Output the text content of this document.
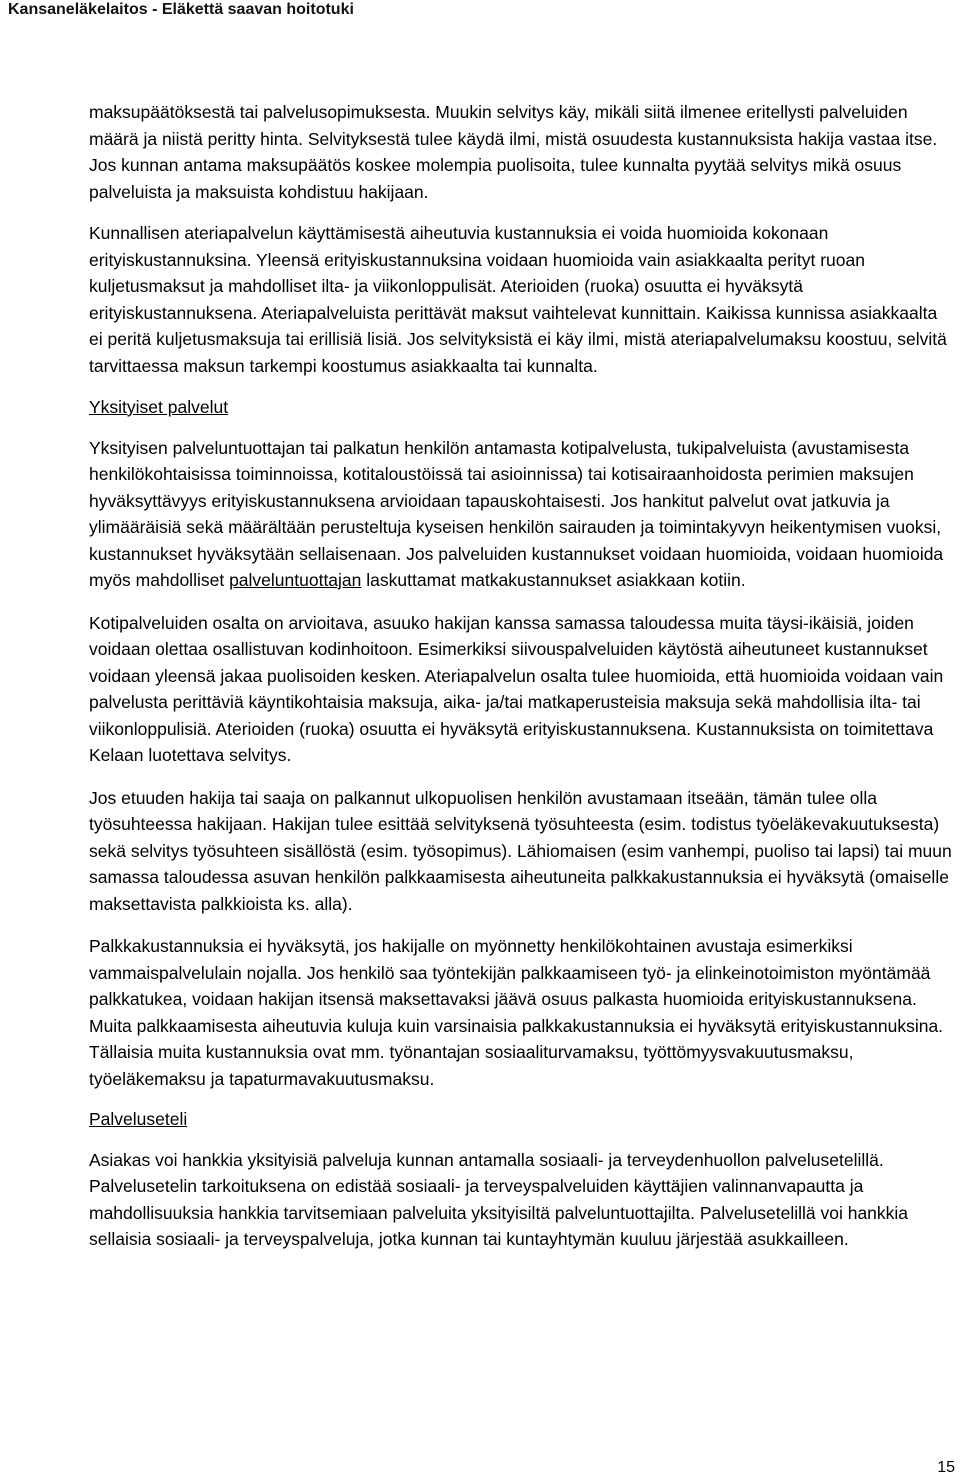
Kansaneläkelaitos - Eläkettä saavan hoitotuki

maksupäätöksestä tai palvelusopimuksesta. Muukin selvitys käy, mikäli siitä ilmenee eritellysti palveluiden määrä ja niistä peritty hinta. Selvityksestä tulee käydä ilmi, mistä osuudesta kustannuksista hakija vastaa itse. Jos kunnan antama maksupäätös koskee molempia puolisoita, tulee kunnalta pyytää selvitys mikä osuus palveluista ja maksuista kohdistuu hakijaan.

Kunnallisen ateriapalvelun käyttämisestä aiheutuvia kustannuksia ei voida huomioida kokonaan erityiskustannuksina. Yleensä erityiskustannuksina voidaan huomioida vain asiakkaalta perityt ruoan kuljetusmaksut ja mahdolliset ilta- ja viikonloppulisät. Aterioiden (ruoka) osuutta ei hyväksytä erityiskustannuksena. Ateriapalveluista perittävät maksut vaihtelevat kunnittain. Kaikissa kunnissa asiakkaalta ei peritä kuljetusmaksuja tai erillisiä lisiä. Jos selvityksistä ei käy ilmi, mistä ateriapalvelumaksu koostuu, selvitä tarvittaessa maksun tarkempi koostumus asiakkaalta tai kunnalta.

Yksityiset palvelut

Yksityisen palveluntuottajan tai palkatun henkilön antamasta kotipalvelusta, tukipalveluista (avustamisesta henkilökohtaisissa toiminnoissa, kotitaloustöissä tai asioinnissa) tai kotisairaanhoidosta perimien maksujen hyväksyttävyys erityiskustannuksena arvioidaan tapauskohtaisesti. Jos hankitut palvelut ovat jatkuvia ja ylimääräisiä sekä määrältään perusteltuja kyseisen henkilön sairauden ja toimintakyvyn heikentymisen vuoksi, kustannukset hyväksytään sellaisenaan. Jos palveluiden kustannukset voidaan huomioida, voidaan huomioida myös mahdolliset palveluntuottajan laskuttamat matkakustannukset asiakkaan kotiin.

Kotipalveluiden osalta on arvioitava, asuuko hakijan kanssa samassa taloudessa muita täysi-ikäisiä, joiden voidaan olettaa osallistuvan kodinhoitoon. Esimerkiksi siivouspalveluiden käytöstä aiheutuneet kustannukset voidaan yleensä jakaa puolisoiden kesken. Ateriapalvelun osalta tulee huomioida, että huomioida voidaan vain palvelusta perittäviä käyntikohtaisia maksuja, aika- ja/tai matkaperusteisia maksuja sekä mahdollisia ilta- tai viikonloppulisiä. Aterioiden (ruoka) osuutta ei hyväksytä erityiskustannuksena. Kustannuksista on toimitettava Kelaan luotettava selvitys.

Jos etuuden hakija tai saaja on palkannut ulkopuolisen henkilön avustamaan itseään, tämän tulee olla työsuhteessa hakijaan. Hakijan tulee esittää selvityksenä työsuhteesta (esim. todistus työeläkevakuutuksesta) sekä selvitys työsuhteen sisällöstä (esim. työsopimus). Lähiomaisen (esim vanhempi, puoliso tai lapsi) tai muun samassa taloudessa asuvan henkilön palkkaamisesta aiheutuneita palkkakustannuksia ei hyväksytä (omaiselle maksettavista palkkioista ks. alla).

Palkkakustannuksia ei hyväksytä, jos hakijalle on myönnetty henkilökohtainen avustaja esimerkiksi vammaispalvelulain nojalla. Jos henkilö saa työntekijän palkkaamiseen työ- ja elinkeinotoimiston myöntämää palkkatukea, voidaan hakijan itsensä maksettavaksi jäävä osuus palkasta huomioida erityiskustannuksena. Muita palkkaamisesta aiheutuvia kuluja kuin varsinaisia palkkakustannuksia ei hyväksytä erityiskustannuksina. Tällaisia muita kustannuksia ovat mm. työnantajan sosiaaliturvamaksu, työttömyysvakuutusmaksu, työeläkemaksu ja tapaturmavakuutusmaksu.

Palveluseteli

Asiakas voi hankkia yksityisiä palveluja kunnan antamalla sosiaali- ja terveydenhuollon palvelusetelillä. Palvelusetelin tarkoituksena on edistää sosiaali- ja terveyspalveluiden käyttäjien valinnanvapautta ja mahdollisuuksia hankkia tarvitsemiaan palveluita yksityisiltä palveluntuottajilta. Palvelusetelillä voi hankkia sellaisia sosiaali- ja terveyspalveluja, jotka kunnan tai kuntayhtymän kuuluu järjestää asukkailleen.

15
